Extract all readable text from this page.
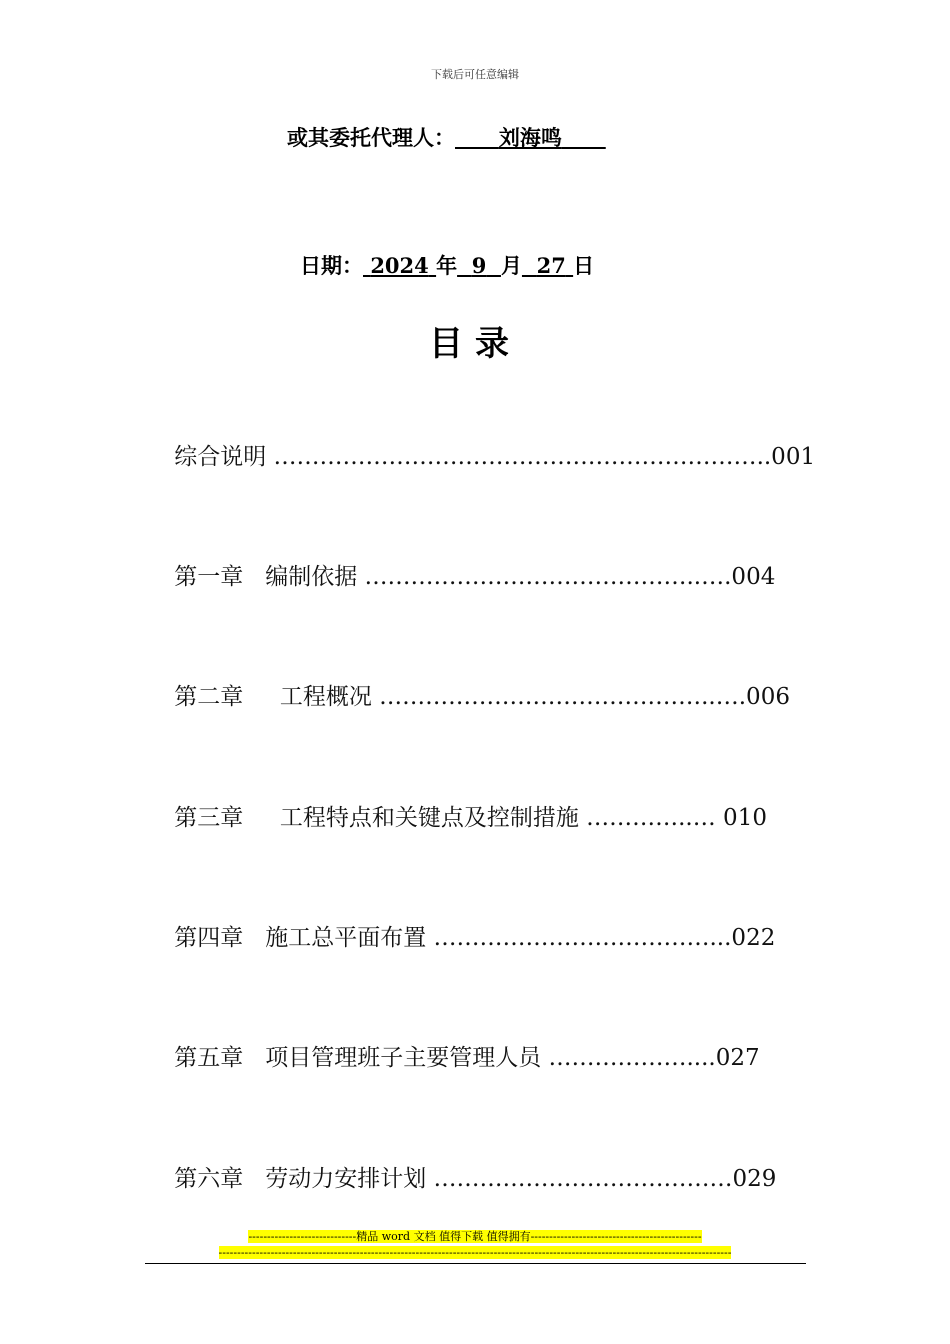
下载后可任意编辑
或其委托代理人： 刘海鸣
日期： 2024 年 9 月 27 日
目录

综合说明 ………………………………………………………..001

第一章 编制依据 ……………………………………..….004

第二章 工程概况 ……………………………………..….006

第三章 工程特点和关键点及控制措施 …………..… 010

第四章 施工总平面布置 ………………………………...022

第五章 项目管理班子主要管理人员 ………………....027

第六章 劳动力安排计划 …………………………………029

-----------------------------精品 word 文档 值得下载 值得拥有----------------------------------------------
------------------------------------------------------------------------------------------------------------------------------------------
